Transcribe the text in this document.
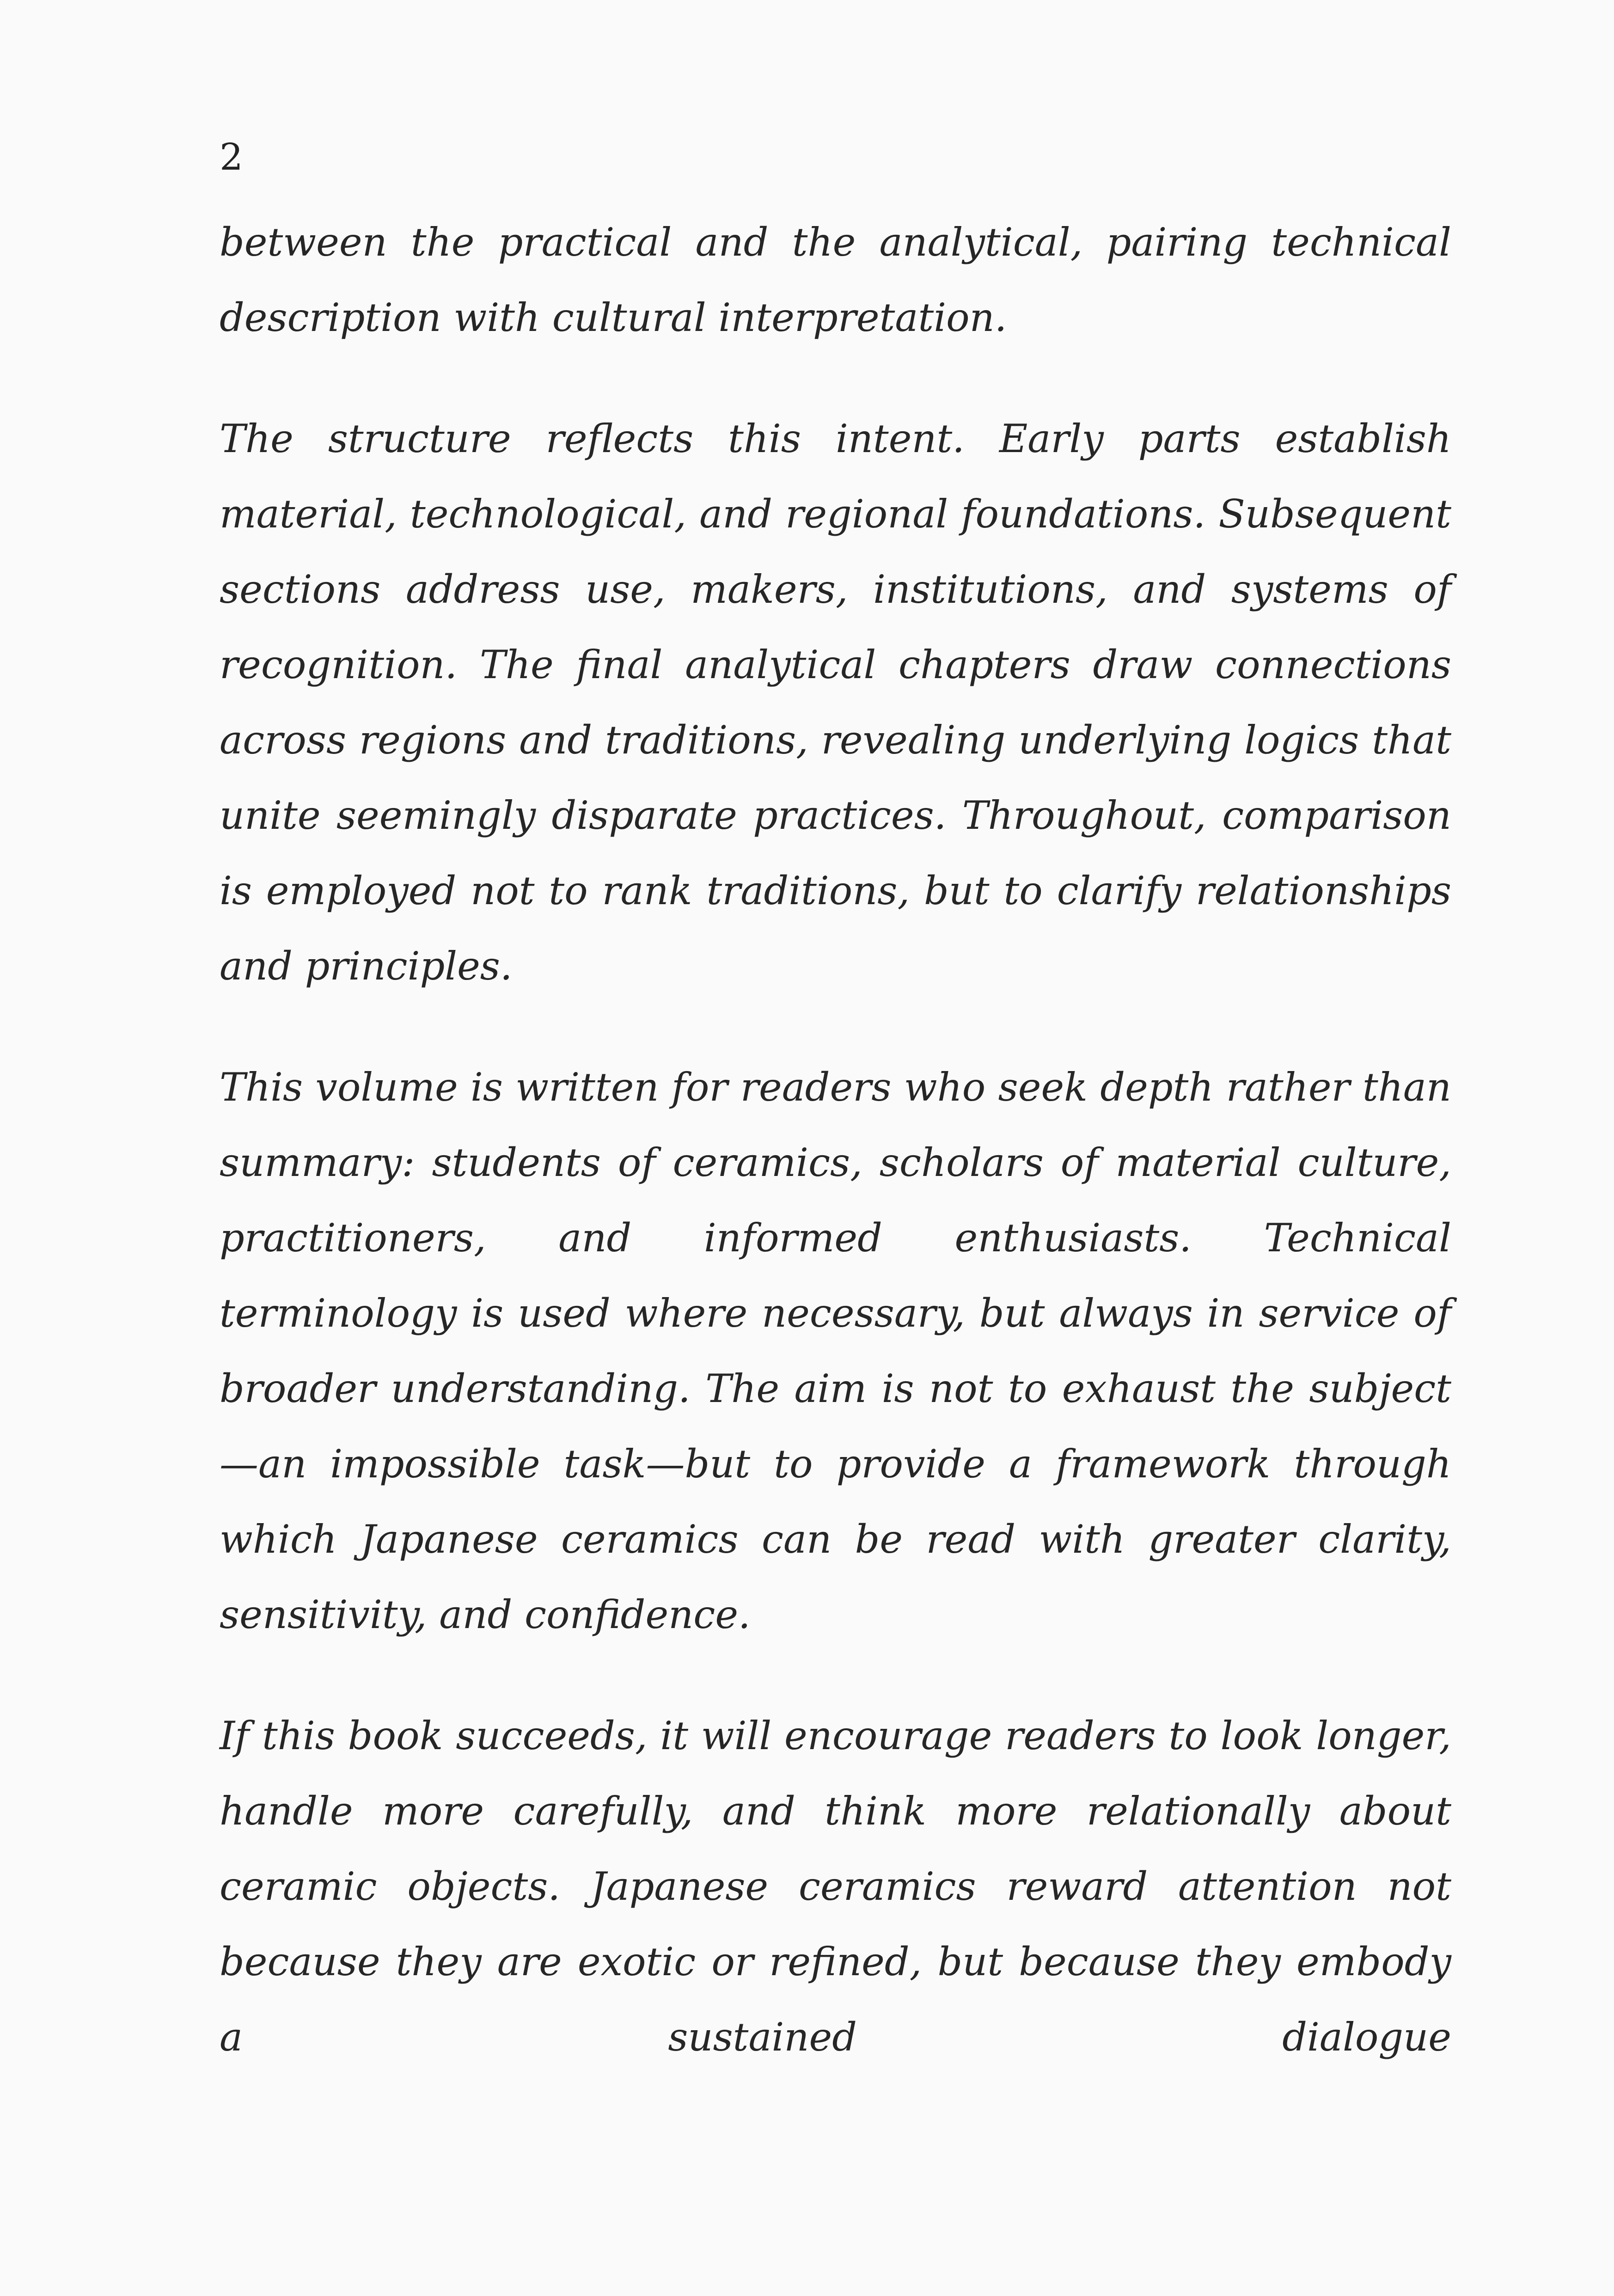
2

between the practical and the analytical, pairing technical description with cultural interpretation.

The structure reflects this intent. Early parts establish material, technological, and regional foundations. Subsequent sections address use, makers, institutions, and systems of recognition. The final analytical chapters draw connections across regions and traditions, revealing underlying logics that unite seemingly disparate practices. Throughout, comparison is employed not to rank traditions, but to clarify relationships and principles.

This volume is written for readers who seek depth rather than summary: students of ceramics, scholars of material culture, practitioners, and informed enthusiasts. Technical terminology is used where necessary, but always in service of broader understanding. The aim is not to exhaust the subject—an impossible task—but to provide a framework through which Japanese ceramics can be read with greater clarity, sensitivity, and confidence.

If this book succeeds, it will encourage readers to look longer, handle more carefully, and think more relationally about ceramic objects. Japanese ceramics reward attention not because they are exotic or refined, but because they embody a sustained dialogue
